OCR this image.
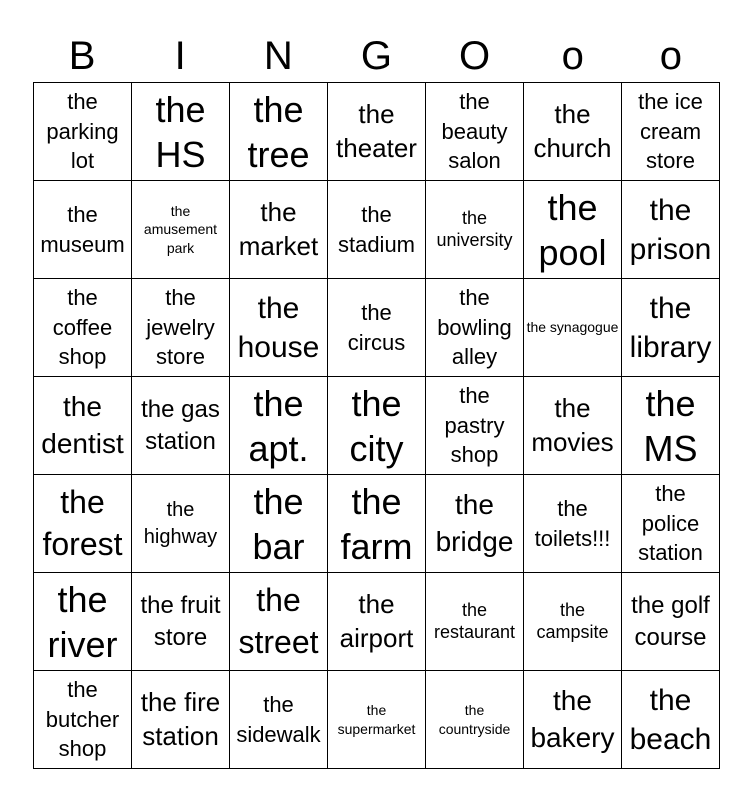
B	I	N	G	O	o	o
the parking lot	the HS	the tree	the theater	the beauty salon	the church	the ice cream store
the museum	the amusement park	the market	the stadium	the university	the pool	the prison
the coffee shop	the jewelry store	the house	the circus	the bowling alley	the synagogue	the library
the dentist	the gas station	the apt.	the city	the pastry shop	the movies	the MS
the forest	the highway	the bar	the farm	the bridge	the toilets!!!	the police station
the river	the fruit store	the street	the airport	the restaurant	the campsite	the golf course
the butcher shop	the fire station	the sidewalk	the supermarket	the countryside	the bakery	the beach
